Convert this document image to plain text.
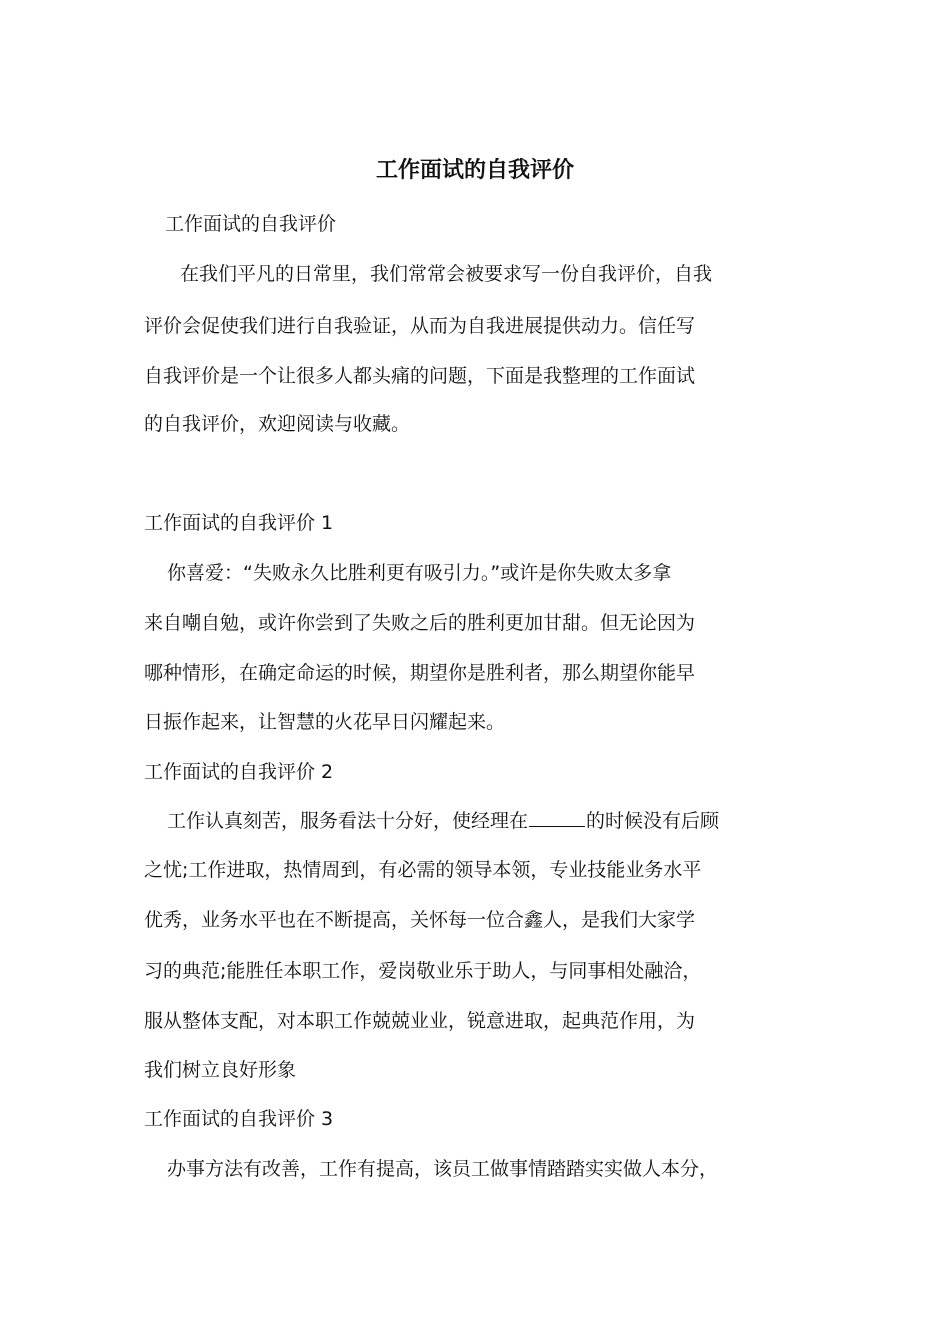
工作面试的自我评价
工作面试的自我评价
在我们平凡的日常里，我们常常会被要求写一份自我评价，自我
评价会促使我们进行自我验证，从而为自我进展提供动力。信任写
自我评价是一个让很多人都头痛的问题，下面是我整理的工作面试
的自我评价，欢迎阅读与收藏。
工作面试的自我评价 1
你喜爱：“失败永久比胜利更有吸引力。”或许是你失败太多拿
来自嘲自勉，或许你尝到了失败之后的胜利更加甘甜。但无论因为
哪种情形，在确定命运的时候，期望你是胜利者，那么期望你能早
日振作起来，让智慧的火花早日闪耀起来。
工作面试的自我评价 2
工作认真刻苦，服务看法十分好，使经理在	的时候没有后顾
之忧;工作进取，热情周到，有必需的领导本领，专业技能业务水平
优秀，业务水平也在不断提高，关怀每一位合鑫人，是我们大家学
习的典范;能胜任本职工作，爱岗敬业乐于助人，与同事相处融洽，
服从整体支配，对本职工作兢兢业业，锐意进取，起典范作用，为
我们树立良好形象
工作面试的自我评价 3
办事方法有改善，工作有提高，该员工做事情踏踏实实做人本分，
